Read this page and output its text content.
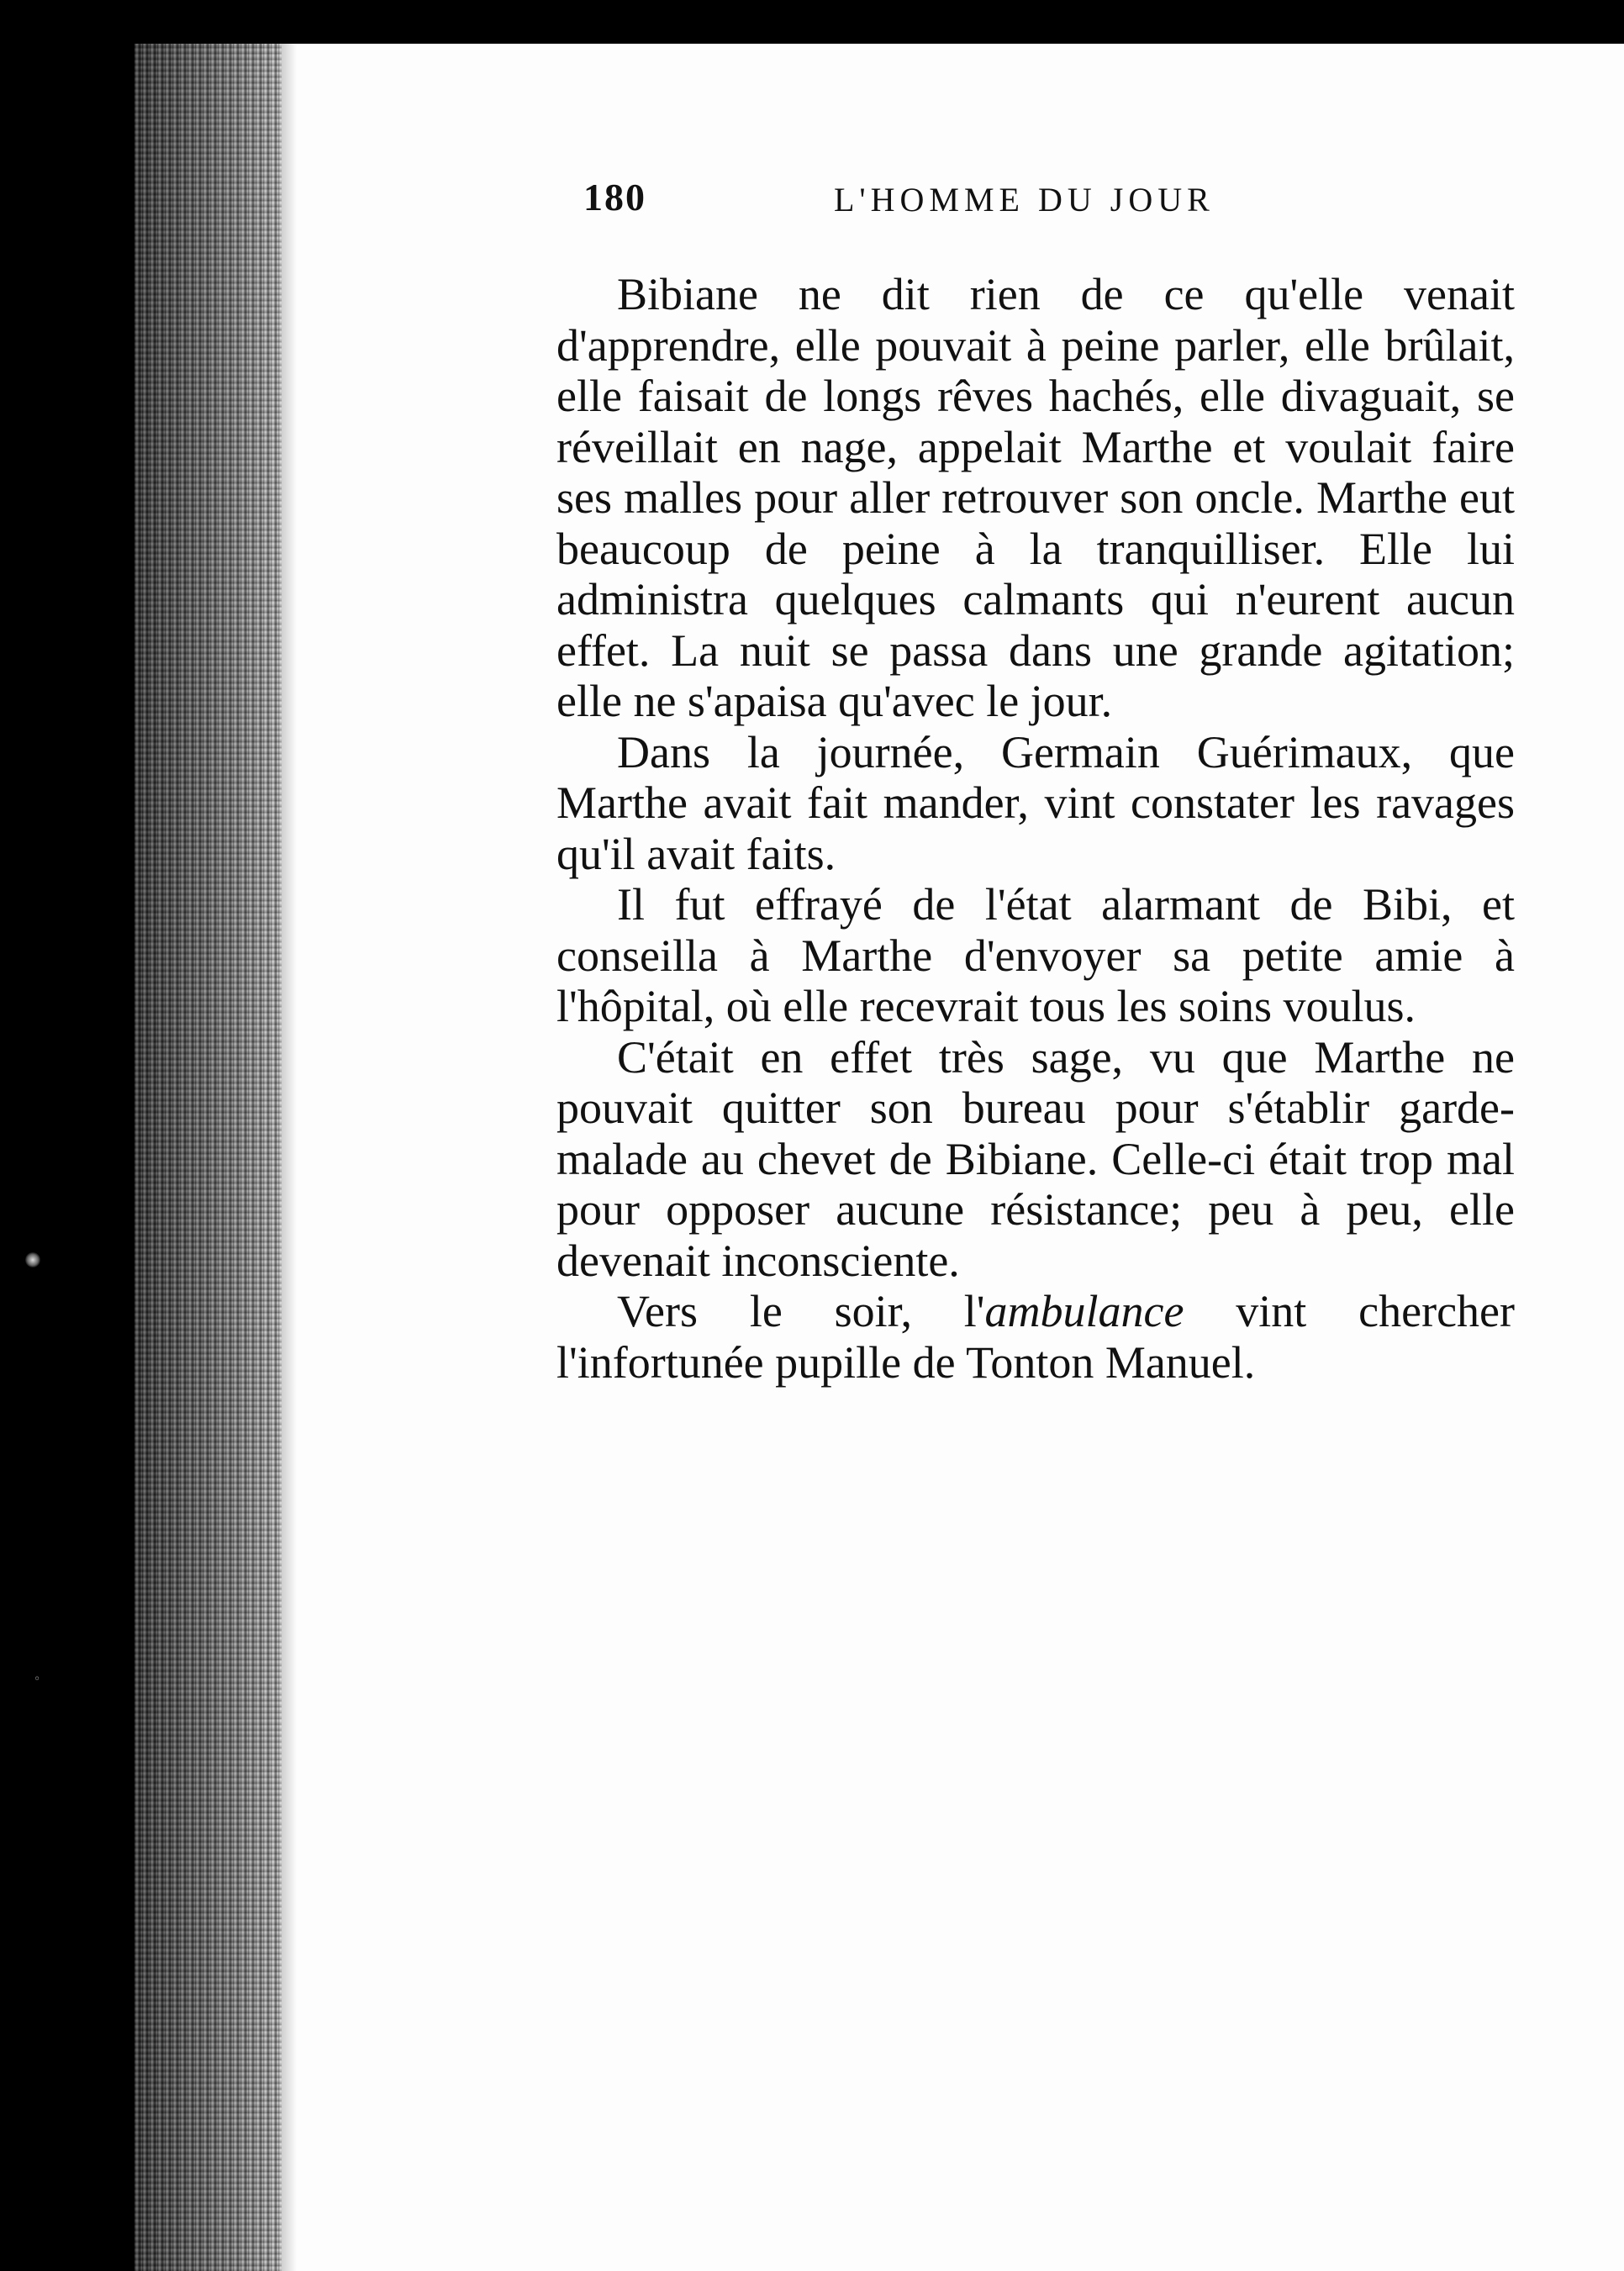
◦
180	L'HOMME DU JOUR

Bibiane ne dit rien de ce qu'elle venait d'apprendre, elle pouvait à peine parler, elle brûlait, elle faisait de longs rêves hachés, elle divaguait, se réveillait en nage, appelait Marthe et voulait faire ses malles pour aller retrouver son oncle. Marthe eut beaucoup de peine à la tranquilliser. Elle lui administra quelques calmants qui n'eurent aucun effet. La nuit se passa dans une grande agitation; elle ne s'apaisa qu'avec le jour.

Dans la journée, Germain Guérimaux, que Marthe avait fait mander, vint constater les ravages qu'il avait faits.

Il fut effrayé de l'état alarmant de Bibi, et conseilla à Marthe d'envoyer sa petite amie à l'hôpital, où elle recevrait tous les soins voulus.

C'était en effet très sage, vu que Marthe ne pouvait quitter son bureau pour s'établir garde-malade au chevet de Bibiane. Celle-ci était trop mal pour opposer aucune résistance; peu à peu, elle devenait inconsciente.

Vers le soir, l'ambulance vint chercher l'infortunée pupille de Tonton Manuel.
